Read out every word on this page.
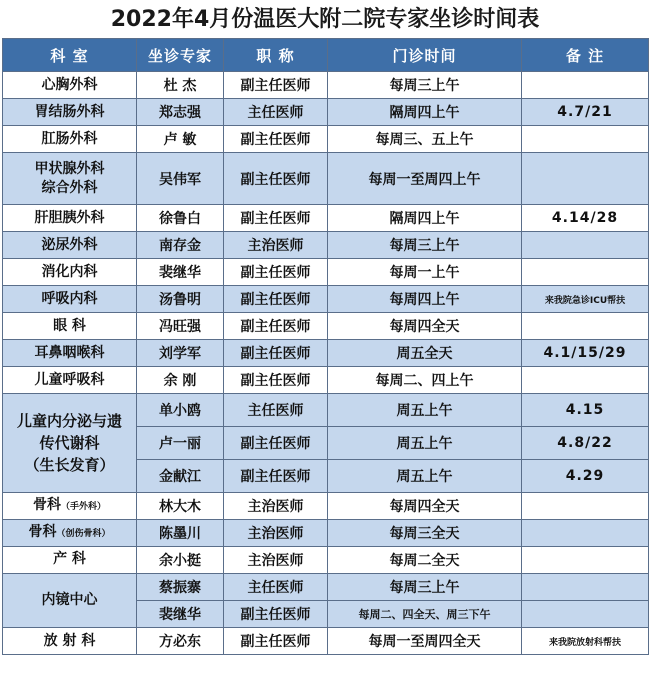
2022年4月份温医大附二院专家坐诊时间表
科 室	坐诊专家	职 称	门诊时间	备 注
心胸外科	杜 杰	副主任医师	每周三上午	
胃结肠外科	郑志强	主任医师	隔周四上午	4.7/21
肛肠外科	卢 敏	副主任医师	每周三、五上午	

甲状腺外科
综合外科	吴伟军	副主任医师	每周一至周四上午	
肝胆胰外科	徐鲁白	副主任医师	隔周四上午	4.14/28
泌尿外科	南存金	主治医师	每周三上午	
消化内科	裴继华	副主任医师	每周一上午	
呼吸内科	汤鲁明	副主任医师	每周四上午	来我院急诊ICU帮扶
眼 科	冯旺强	副主任医师	每周四全天	
耳鼻咽喉科	刘学军	副主任医师	周五全天	4.1/15/29
儿童呼吸科	余 刚	副主任医师	每周二、四上午	

儿童内分泌与遗
传代谢科
（生长发育）	单小鸥	主任医师	周五上午	4.15
	卢一丽	副主任医师	周五上午	4.8/22
	金献江	副主任医师	周五上午	4.29
骨科（手外科）	林大木	主治医师	每周四全天	
骨科（创伤骨科）	陈墨川	主治医师	每周三全天	
产 科	余小挺	主治医师	每周二全天	
内镜中心	蔡振寨	主任医师	每周三上午	
	裴继华	副主任医师	每周二、四全天、周三下午	
放 射 科	方必东	副主任医师	每周一至周四全天	来我院放射科帮扶
